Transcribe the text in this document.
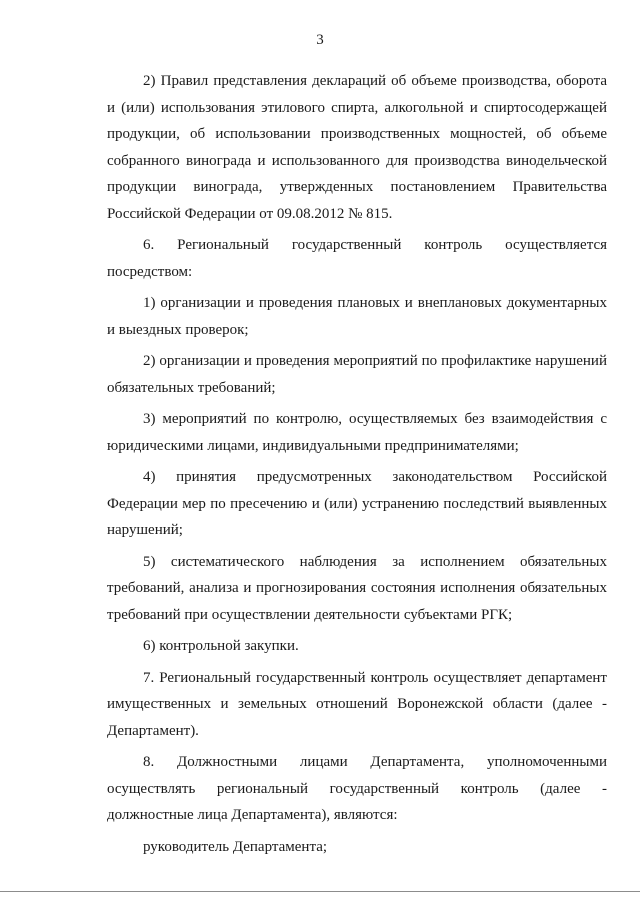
3

2) Правил представления деклараций об объеме производства, оборота и (или) использования этилового спирта, алкогольной и спиртосодержащей продукции, об использовании производственных мощностей, об объеме собранного винограда и использованного для производства винодельческой продукции винограда, утвержденных постановлением Правительства Российской Федерации от 09.08.2012 № 815.

6. Региональный государственный контроль осуществляется посредством:

1) организации и проведения плановых и внеплановых документарных и выездных проверок;

2) организации и проведения мероприятий по профилактике нарушений обязательных требований;

3) мероприятий по контролю, осуществляемых без взаимодействия с юридическими лицами, индивидуальными предпринимателями;

4) принятия предусмотренных законодательством Российской Федерации мер по пресечению и (или) устранению последствий выявленных нарушений;

5) систематического наблюдения за исполнением обязательных требований, анализа и прогнозирования состояния исполнения обязательных требований при осуществлении деятельности субъектами РГК;

6) контрольной закупки.

7. Региональный государственный контроль осуществляет департамент имущественных и земельных отношений Воронежской области (далее - Департамент).

8. Должностными лицами Департамента, уполномоченными осуществлять региональный государственный контроль (далее - должностные лица Департамента), являются:

руководитель Департамента;
